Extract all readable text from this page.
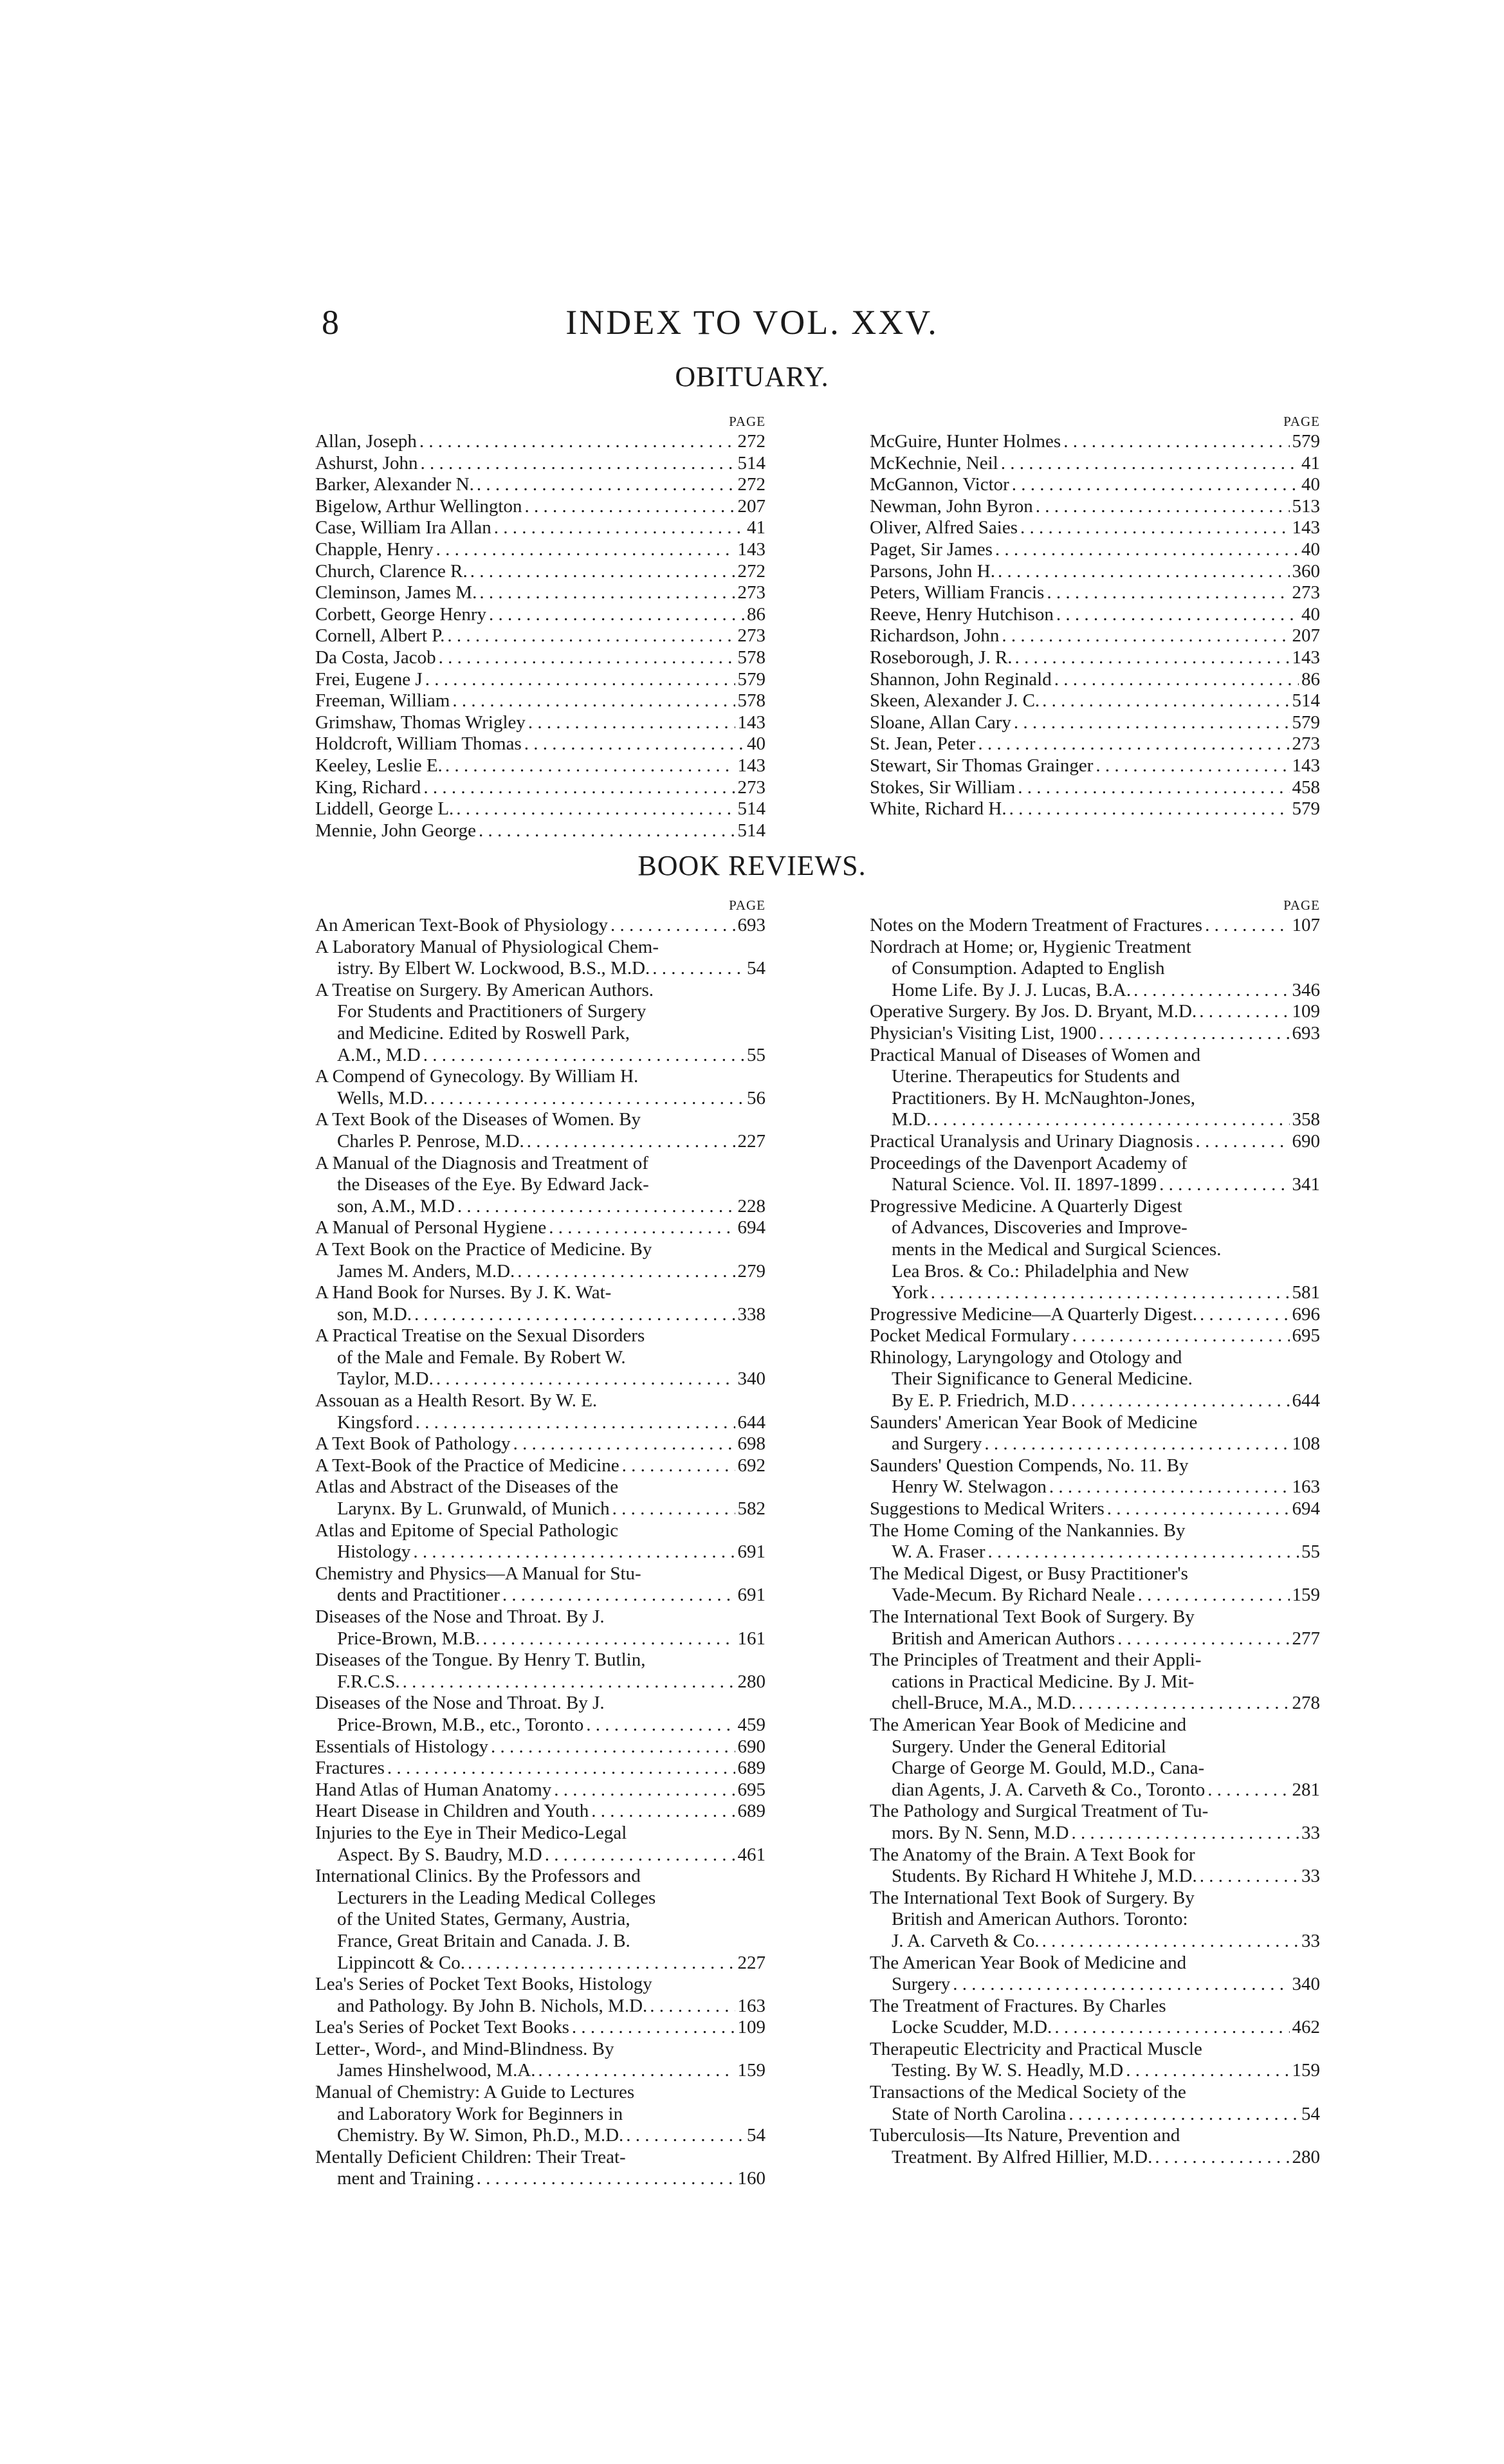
8	INDEX TO VOL. XXV.
OBITUARY.
PAGE
Allan, Joseph . . .	272
Ashurst, John . . .	514
Barker, Alexander N. . . .	272
Bigelow, Arthur Wellington . . .	207
Case, William Ira Allan . . .	41
Chapple, Henry . . .	143
Church, Clarence R. . . .	272
Cleminson, James M. . . .	273
Corbett, George Henry . . .	86
Cornell, Albert P. . . .	273
Da Costa, Jacob . . .	578
Frei, Eugene J . . .	579
Freeman, William . . .	578
Grimshaw, Thomas Wrigley . . .	143
Holdcroft, William Thomas . . .	40
Keeley, Leslie E. . . .	143
King, Richard . . .	273
Liddell, George L. . . .	514
Mennie, John George . . .	514
PAGE
McGuire, Hunter Holmes . . .	579
McKechnie, Neil . . .	41
McGannon, Victor . . .	40
Newman, John Byron . . .	513
Oliver, Alfred Saies . . .	143
Paget, Sir James . . .	40
Parsons, John H. . . .	360
Peters, William Francis . . .	273
Reeve, Henry Hutchison . . .	40
Richardson, John . . .	207
Roseborough, J. R. . . .	143
Shannon, John Reginald . . .	86
Skeen, Alexander J. C. . . .	514
Sloane, Allan Cary . . .	579
St. Jean, Peter . . .	273
Stewart, Sir Thomas Grainger . . .	143
Stokes, Sir William . . .	458
White, Richard H. . . .	579
BOOK REVIEWS.
PAGE
An American Text-Book of Physiology . . .	693
A Laboratory Manual of Physiological Chem-
istry. By Elbert W. Lockwood, B.S., M.D. . . .	54
A Treatise on Surgery. By American Authors.
For Students and Practitioners of Surgery
and Medicine. Edited by Roswell Park,
A.M., M.D . . .	55
A Compend of Gynecology. By William H.
Wells, M.D. . . .	56
A Text Book of the Diseases of Women. By
Charles P. Penrose, M.D. . . .	227
A Manual of the Diagnosis and Treatment of
the Diseases of the Eye. By Edward Jack-
son, A.M., M.D . . .	228
A Manual of Personal Hygiene . . .	694
A Text Book on the Practice of Medicine. By
James M. Anders, M.D. . . .	279
A Hand Book for Nurses. By J. K. Wat-
son, M.D. . . .	338
A Practical Treatise on the Sexual Disorders
of the Male and Female. By Robert W.
Taylor, M.D. . . .	340
Assouan as a Health Resort. By W. E.
Kingsford . . .	644
A Text Book of Pathology . . .	698
A Text-Book of the Practice of Medicine . . .	692
Atlas and Abstract of the Diseases of the
Larynx. By L. Grunwald, of Munich . . .	582
Atlas and Epitome of Special Pathologic
Histology . . .	691
Chemistry and Physics—A Manual for Stu-
dents and Practitioner . . .	691
Diseases of the Nose and Throat. By J.
Price-Brown, M.B. . . .	161
Diseases of the Tongue. By Henry T. Butlin,
F.R.C.S. . . .	280
Diseases of the Nose and Throat. By J.
Price-Brown, M.B., etc., Toronto . . .	459
Essentials of Histology . . .	690
Fractures . . .	689
Hand Atlas of Human Anatomy . . .	695
Heart Disease in Children and Youth . . .	689
Injuries to the Eye in Their Medico-Legal
Aspect. By S. Baudry, M.D . . .	461
International Clinics. By the Professors and
Lecturers in the Leading Medical Colleges
of the United States, Germany, Austria,
France, Great Britain and Canada. J. B.
Lippincott & Co. . . .	227
Lea's Series of Pocket Text Books, Histology
and Pathology. By John B. Nichols, M.D. . . .	163
Lea's Series of Pocket Text Books . . .	109
Letter-, Word-, and Mind-Blindness. By
James Hinshelwood, M.A. . . .	159
Manual of Chemistry: A Guide to Lectures
and Laboratory Work for Beginners in
Chemistry. By W. Simon, Ph.D., M.D. . . .	54
Mentally Deficient Children: Their Treat-
ment and Training . . .	160
PAGE
Notes on the Modern Treatment of Fractures . . .	107
Nordrach at Home; or, Hygienic Treatment
of Consumption. Adapted to English
Home Life. By J. J. Lucas, B.A. . . .	346
Operative Surgery. By Jos. D. Bryant, M.D. . . .	109
Physician's Visiting List, 1900 . . .	693
Practical Manual of Diseases of Women and
Uterine. Therapeutics for Students and
Practitioners. By H. McNaughton-Jones,
M.D. . . .	358
Practical Uranalysis and Urinary Diagnosis . . .	690
Proceedings of the Davenport Academy of
Natural Science. Vol. II. 1897-1899 . . .	341
Progressive Medicine. A Quarterly Digest
of Advances, Discoveries and Improve-
ments in the Medical and Surgical Sciences.
Lea Bros. & Co.: Philadelphia and New
York . . .	581
Progressive Medicine—A Quarterly Digest. . . .	696
Pocket Medical Formulary . . .	695
Rhinology, Laryngology and Otology and
Their Significance to General Medicine.
By E. P. Friedrich, M.D . . .	644
Saunders' American Year Book of Medicine
and Surgery . . .	108
Saunders' Question Compends, No. 11. By
Henry W. Stelwagon . . .	163
Suggestions to Medical Writers . . .	694
The Home Coming of the Nankannies. By
W. A. Fraser . . .	55
The Medical Digest, or Busy Practitioner's
Vade-Mecum. By Richard Neale . . .	159
The International Text Book of Surgery. By
British and American Authors . . .	277
The Principles of Treatment and their Appli-
cations in Practical Medicine. By J. Mit-
chell-Bruce, M.A., M.D. . . .	278
The American Year Book of Medicine and
Surgery. Under the General Editorial
Charge of George M. Gould, M.D., Cana-
dian Agents, J. A. Carveth & Co., Toronto . . .	281
The Pathology and Surgical Treatment of Tu-
mors. By N. Senn, M.D . . .	33
The Anatomy of the Brain. A Text Book for
Students. By Richard H Whitehe J, M.D. . . .	33
The International Text Book of Surgery. By
British and American Authors. Toronto:
J. A. Carveth & Co. . . .	33
The American Year Book of Medicine and
Surgery . . .	340
The Treatment of Fractures. By Charles
Locke Scudder, M.D. . . .	462
Therapeutic Electricity and Practical Muscle
Testing. By W. S. Headly, M.D . . .	159
Transactions of the Medical Society of the
State of North Carolina . . .	54
Tuberculosis—Its Nature, Prevention and
Treatment. By Alfred Hillier, M.D. . . .	280
